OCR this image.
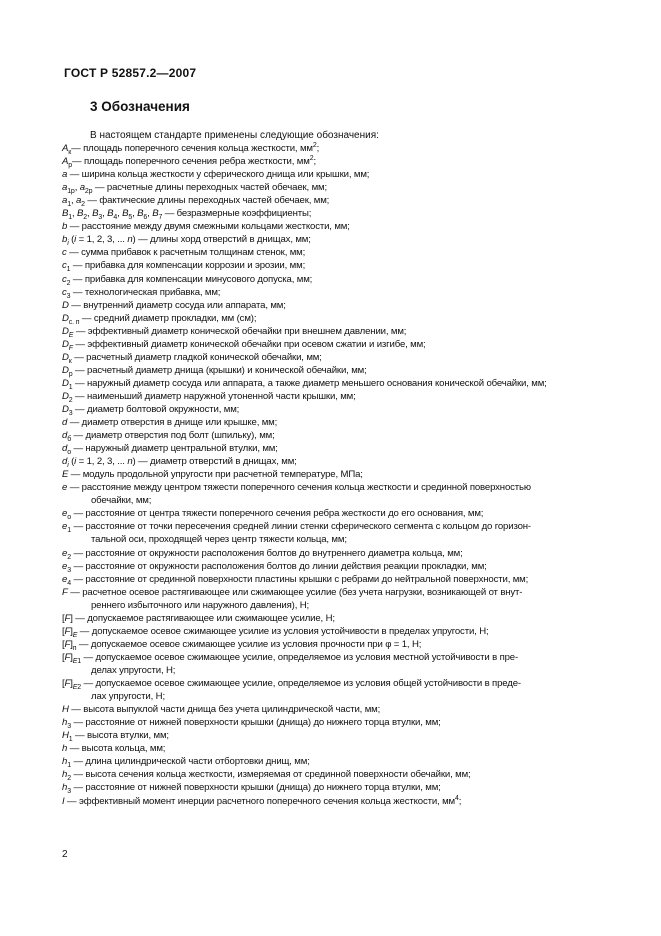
ГОСТ Р 52857.2—2007
3 Обозначения
В настоящем стандарте применены следующие обозначения:
$A_к—$ площадь поперечного сечения кольца жесткости, $мм^2$;
$A_р—$ площадь поперечного сечения ребра жесткости, $мм^2$;
a — ширина кольца жесткости у сферического днища или крышки, мм;
$a_{1р}$, $a_{2р}$ — расчетные длины переходных частей обечаек, мм;
$a_1$, $a_2$ — фактические длины переходных частей обечаек, мм;
$B_1$, $B_2$, $B_3$, $B_4$, $B_5$, $B_6$, $B_7$ — безразмерные коэффициенты;
b — расстояние между двумя смежными кольцами жесткости, мм;
$b_i$ (i = 1, 2, 3, ... n) — длины хорд отверстий в днищах, мм;
c — сумма прибавок к расчетным толщинам стенок, мм;
$c_1$ — прибавка для компенсации коррозии и эрозии, мм;
$c_2$ — прибавка для компенсации минусового допуска, мм;
$c_3$ — технологическая прибавка, мм;
D — внутренний диаметр сосуда или аппарата, мм;
$D_{с. п}$ — средний диаметр прокладки, мм (см);
$D_E$ — эффективный диаметр конической обечайки при внешнем давлении, мм;
$D_F$ — эффективный диаметр конической обечайки при осевом сжатии и изгибе, мм;
$D_к$ — расчетный диаметр гладкой конической обечайки, мм;
$D_р$ — расчетный диаметр днища (крышки) и конической обечайки, мм;
$D_1$ — наружный диаметр сосуда или аппарата, а также диаметр меньшего основания конической обечайки, мм;
$D_2$ — наименьший диаметр наружной утоненной части крышки, мм;
$D_3$ — диаметр болтовой окружности, мм;
d — диаметр отверстия в днище или крышке, мм;
$d_б$ — диаметр отверстия под болт (шпильку), мм;
$d_о$ — наружный диаметр центральной втулки, мм;
$d_i$ (i = 1, 2, 3, ... n) — диаметр отверстий в днищах, мм;
E — модуль продольной упругости при расчетной температуре, МПа;
e — расстояние между центром тяжести поперечного сечения кольца жесткости и срединной поверхностью
обечайки, мм;
$e_о$ — расстояние от центра тяжести поперечного сечения ребра жесткости до его основания, мм;
$e_1$ — расстояние от точки пересечения средней линии стенки сферического сегмента с кольцом до горизон-
тальной оси, проходящей через центр тяжести кольца, мм;
$e_2$ — расстояние от окружности расположения болтов до внутреннего диаметра кольца, мм;
$e_3$ — расстояние от окружности расположения болтов до линии действия реакции прокладки, мм;
$e_4$ — расстояние от срединной поверхности пластины крышки с ребрами до нейтральной поверхности, мм;
F — расчетное осевое растягивающее или сжимающее усилие (без учета нагрузки, возникающей от внут-
реннего избыточного или наружного давления), Н;
[F] — допускаемое растягивающее или сжимающее усилие, Н;
$[F]_E$ — допускаемое осевое сжимающее усилие из условия устойчивости в пределах упругости, Н;
$[F]_п$ — допускаемое осевое сжимающее усилие из условия прочности при φ = 1, Н;
$[F]_{E1}$ — допускаемое осевое сжимающее усилие, определяемое из условия местной устойчивости в пре-
делах упругости, Н;
$[F]_{E2}$ — допускаемое осевое сжимающее усилие, определяемое из условия общей устойчивости в преде-
лах упругости, Н;
H — высота выпуклой части днища без учета цилиндрической части, мм;
$h_3$ — расстояние от нижней поверхности крышки (днища) до нижнего торца втулки, мм;
$H_1$ — высота втулки, мм;
h — высота кольца, мм;
$h_1$ — длина цилиндрической части отбортовки днищ, мм;
$h_2$ — высота сечения кольца жесткости, измеряемая от срединной поверхности обечайки, мм;
$h_3$ — расстояние от нижней поверхности крышки (днища) до нижнего торца втулки, мм;
I — эффективный момент инерции расчетного поперечного сечения кольца жесткости, $мм^4$;
2
